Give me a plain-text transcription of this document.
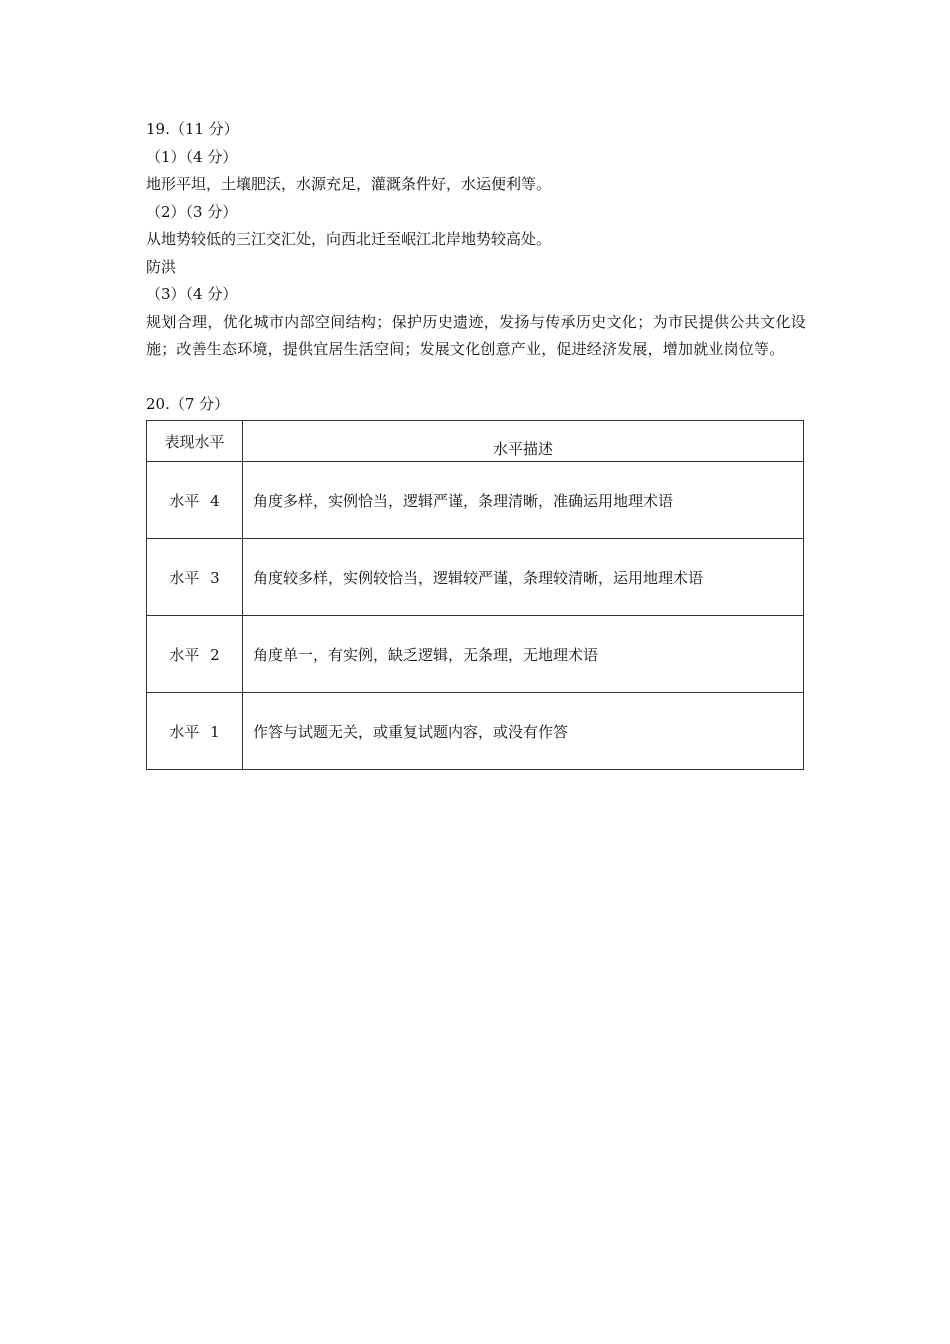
19.（11 分）
（1）（4 分）
地形平坦，土壤肥沃，水源充足，灌溉条件好，水运便利等。
（2）（3 分）
从地势较低的三江交汇处，向西北迁至岷江北岸地势较高处。
防洪
（3）（4 分）
规划合理，优化城市内部空间结构；保护历史遗迹，发扬与传承历史文化；为市民提供公共文化设施；改善生态环境，提供宜居生活空间；发展文化创意产业，促进经济发展，增加就业岗位等。
20.（7 分）
表现水平	水平描述
水平 4	角度多样，实例恰当，逻辑严谨，条理清晰，准确运用地理术语
水平 3	角度较多样，实例较恰当，逻辑较严谨，条理较清晰，运用地理术语
水平 2	角度单一，有实例，缺乏逻辑，无条理，无地理术语
水平 1	作答与试题无关，或重复试题内容，或没有作答
